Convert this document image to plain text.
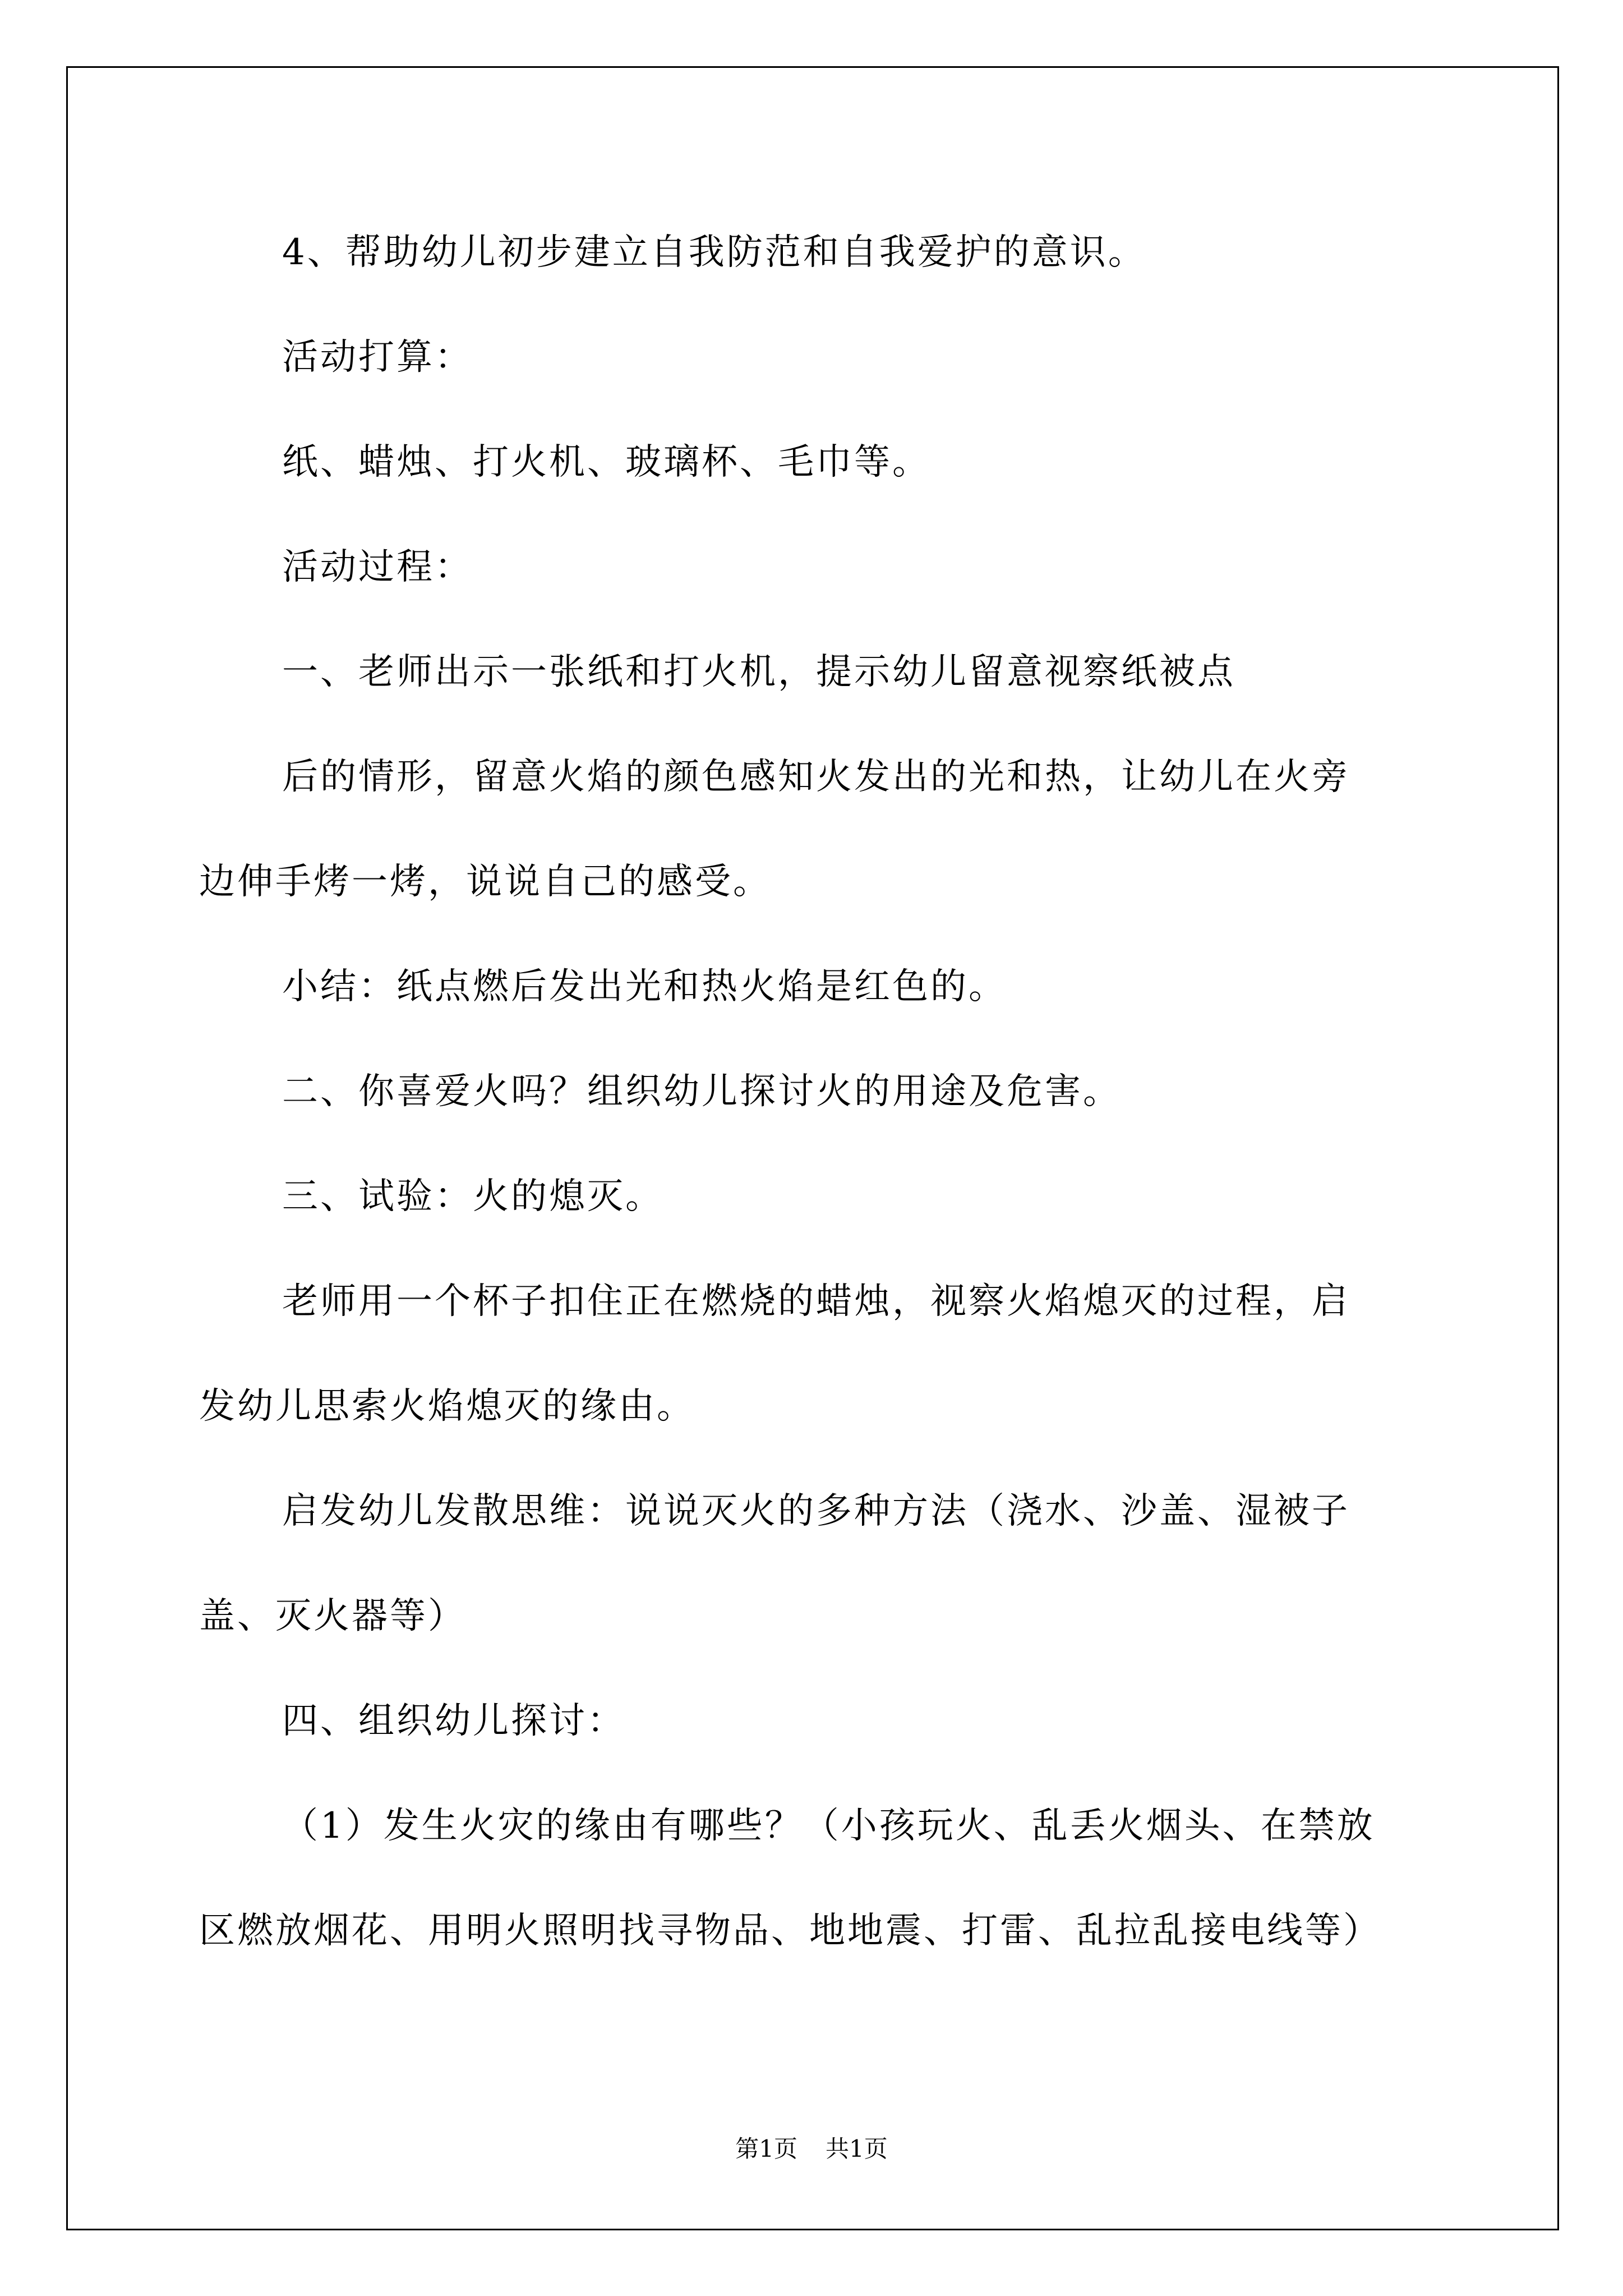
4、帮助幼儿初步建立自我防范和自我爱护的意识。
活动打算：
纸、蜡烛、打火机、玻璃杯、毛巾等。
活动过程：
一、老师出示一张纸和打火机，提示幼儿留意视察纸被点
后的情形，留意火焰的颜色感知火发出的光和热，让幼儿在火旁
边伸手烤一烤，说说自己的感受。
小结：纸点燃后发出光和热火焰是红色的。
二、你喜爱火吗？组织幼儿探讨火的用途及危害。
三、试验：火的熄灭。
老师用一个杯子扣住正在燃烧的蜡烛，视察火焰熄灭的过程，启
发幼儿思索火焰熄灭的缘由。
启发幼儿发散思维：说说灭火的多种方法（浇水、沙盖、湿被子
盖、灭火器等）
四、组织幼儿探讨：
（1）发生火灾的缘由有哪些？（小孩玩火、乱丢火烟头、在禁放
区燃放烟花、用明火照明找寻物品、地地震、打雷、乱拉乱接电线等）
第1页 共1页
